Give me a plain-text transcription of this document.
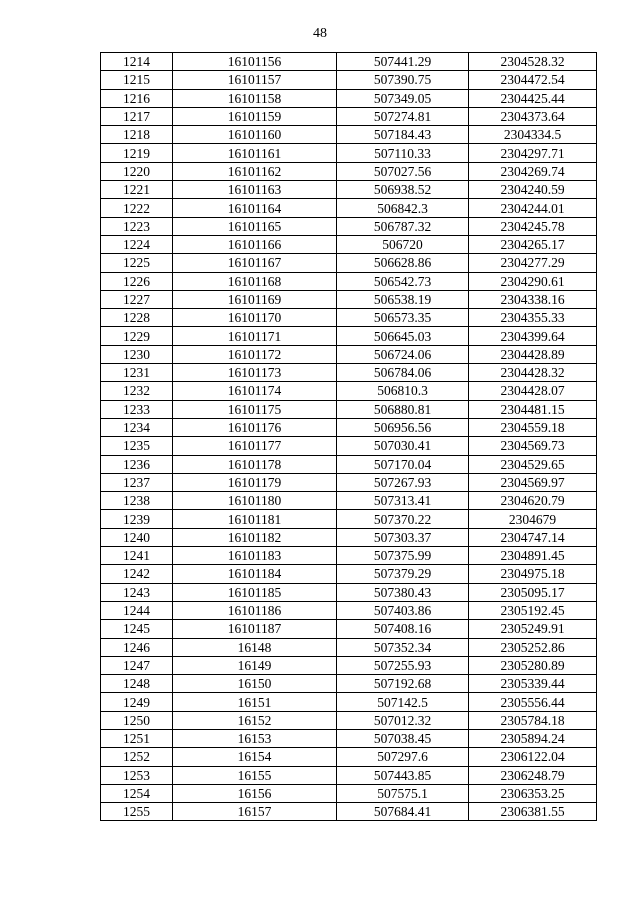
48
1214	16101156	507441.29	2304528.32
1215	16101157	507390.75	2304472.54
1216	16101158	507349.05	2304425.44
1217	16101159	507274.81	2304373.64
1218	16101160	507184.43	2304334.5
1219	16101161	507110.33	2304297.71
1220	16101162	507027.56	2304269.74
1221	16101163	506938.52	2304240.59
1222	16101164	506842.3	2304244.01
1223	16101165	506787.32	2304245.78
1224	16101166	506720	2304265.17
1225	16101167	506628.86	2304277.29
1226	16101168	506542.73	2304290.61
1227	16101169	506538.19	2304338.16
1228	16101170	506573.35	2304355.33
1229	16101171	506645.03	2304399.64
1230	16101172	506724.06	2304428.89
1231	16101173	506784.06	2304428.32
1232	16101174	506810.3	2304428.07
1233	16101175	506880.81	2304481.15
1234	16101176	506956.56	2304559.18
1235	16101177	507030.41	2304569.73
1236	16101178	507170.04	2304529.65
1237	16101179	507267.93	2304569.97
1238	16101180	507313.41	2304620.79
1239	16101181	507370.22	2304679
1240	16101182	507303.37	2304747.14
1241	16101183	507375.99	2304891.45
1242	16101184	507379.29	2304975.18
1243	16101185	507380.43	2305095.17
1244	16101186	507403.86	2305192.45
1245	16101187	507408.16	2305249.91
1246	16148	507352.34	2305252.86
1247	16149	507255.93	2305280.89
1248	16150	507192.68	2305339.44
1249	16151	507142.5	2305556.44
1250	16152	507012.32	2305784.18
1251	16153	507038.45	2305894.24
1252	16154	507297.6	2306122.04
1253	16155	507443.85	2306248.79
1254	16156	507575.1	2306353.25
1255	16157	507684.41	2306381.55
